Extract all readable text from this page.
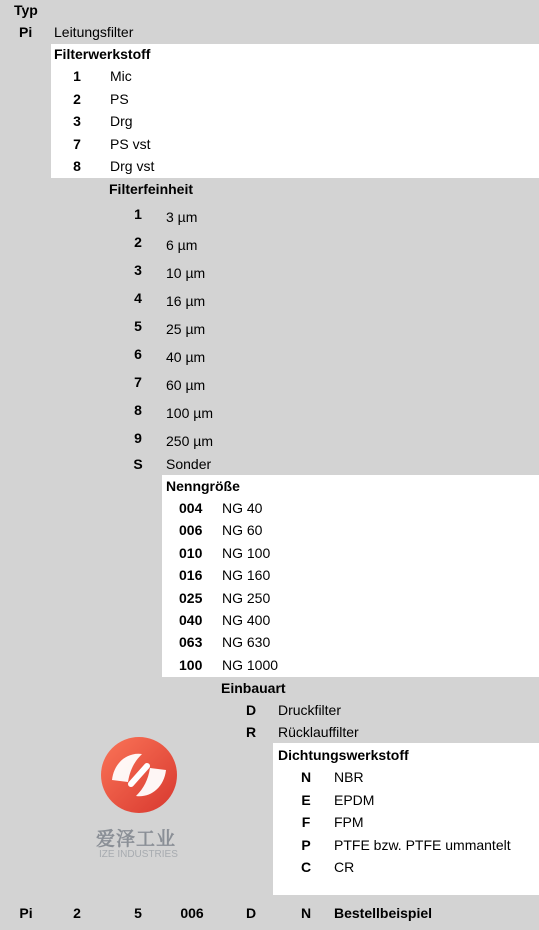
Typ
Pi Leitungsfilter
Filterwerkstoff
1	Mic
2	PS
3	Drg
7	PS vst
8	Drg vst
Filterfeinheit
1	3 µm
2	6 µm
3	10 µm
4	16 µm
5	25 µm
6	40 µm
7	60 µm
8	100 µm
9	250 µm
S	Sonder
Nenngröße
004 NG 40
006 NG 60
010 NG 100
016 NG 160
025 NG 250
040 NG 400
063 NG 630
100 NG 1000
Einbauart
D	Druckfilter
R	Rücklauffilter
Dichtungswerkstoff
N	NBR
E	EPDM
F	FPM
P	PTFE bzw. PTFE ummantelt
C	CR
Pi	2	5	006	D	N	Bestellbeispiel
爱泽工业
IZE INDUSTRIES
